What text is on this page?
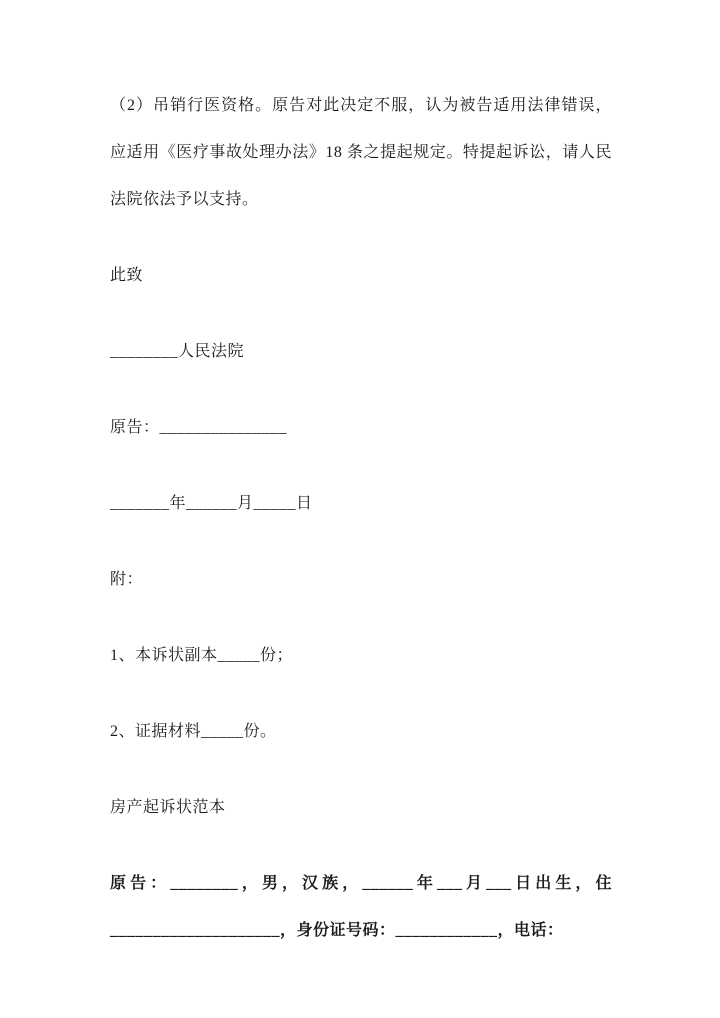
（2）吊销行医资格。原告对此决定不服，认为被告适用法律错误，应适用《医疗事故处理办法》18 条之提起规定。特提起诉讼，请人民法院依法予以支持。

此致

________人民法院

原告：_______________

_______年______月_____日

附：

1、本诉状副本_____份；

2、证据材料_____份。

房产起诉状范本

原告：________，男，汉族，______年___月___日出生，住____________________，身份证号码：____________，电话：
